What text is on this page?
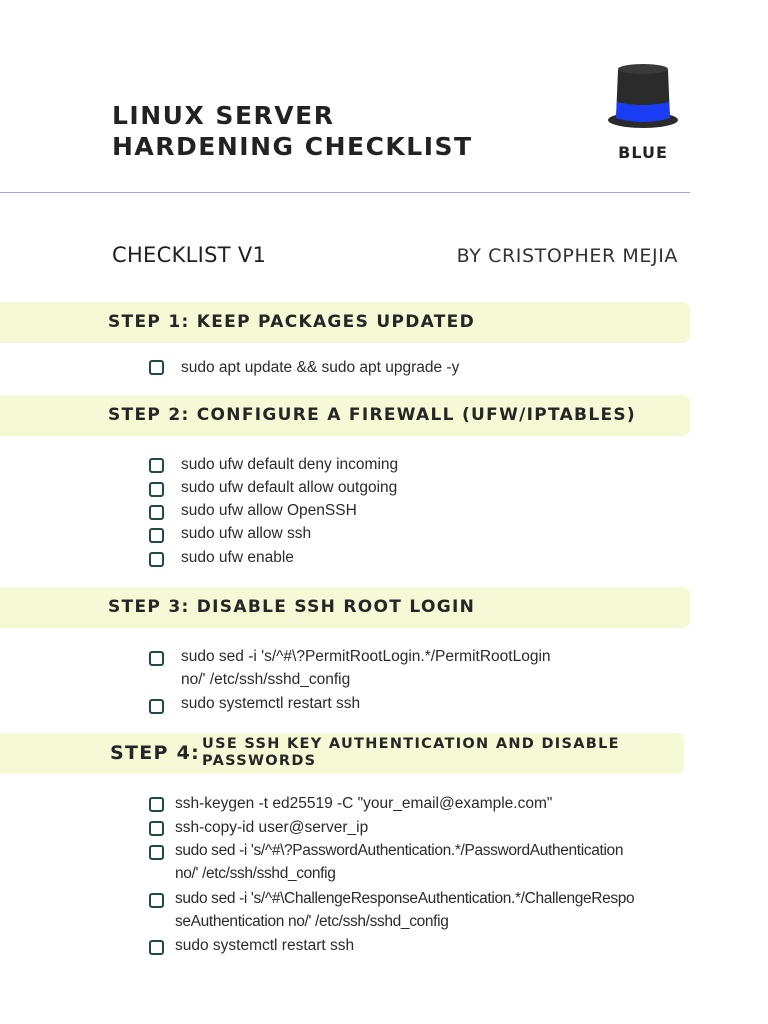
LINUX SERVER
HARDENING CHECKLIST	BLUE
CHECKLIST V1	BY CRISTOPHER MEJIA
STEP 1: KEEP PACKAGES UPDATED
sudo apt update && sudo apt upgrade -y
STEP 2: CONFIGURE A FIREWALL (UFW/IPTABLES)
sudo ufw default deny incoming
sudo ufw default allow outgoing
sudo ufw allow OpenSSH
sudo ufw allow ssh
sudo ufw enable
STEP 3: DISABLE SSH ROOT LOGIN
sudo sed -i 's/^#\?PermitRootLogin.*/PermitRootLogin
no/' /etc/ssh/sshd_config
sudo systemctl restart ssh
STEP 4: USE SSH KEY AUTHENTICATION AND DISABLE
PASSWORDS
ssh-keygen -t ed25519 -C "your_email@example.com"
ssh-copy-id user@server_ip
sudo sed -i 's/^#\?PasswordAuthentication.*/PasswordAuthentication
no/' /etc/ssh/sshd_config
sudo sed -i 's/^#\ChallengeResponseAuthentication.*/ChallengeRespo
seAuthentication no/' /etc/ssh/sshd_config
sudo systemctl restart ssh
